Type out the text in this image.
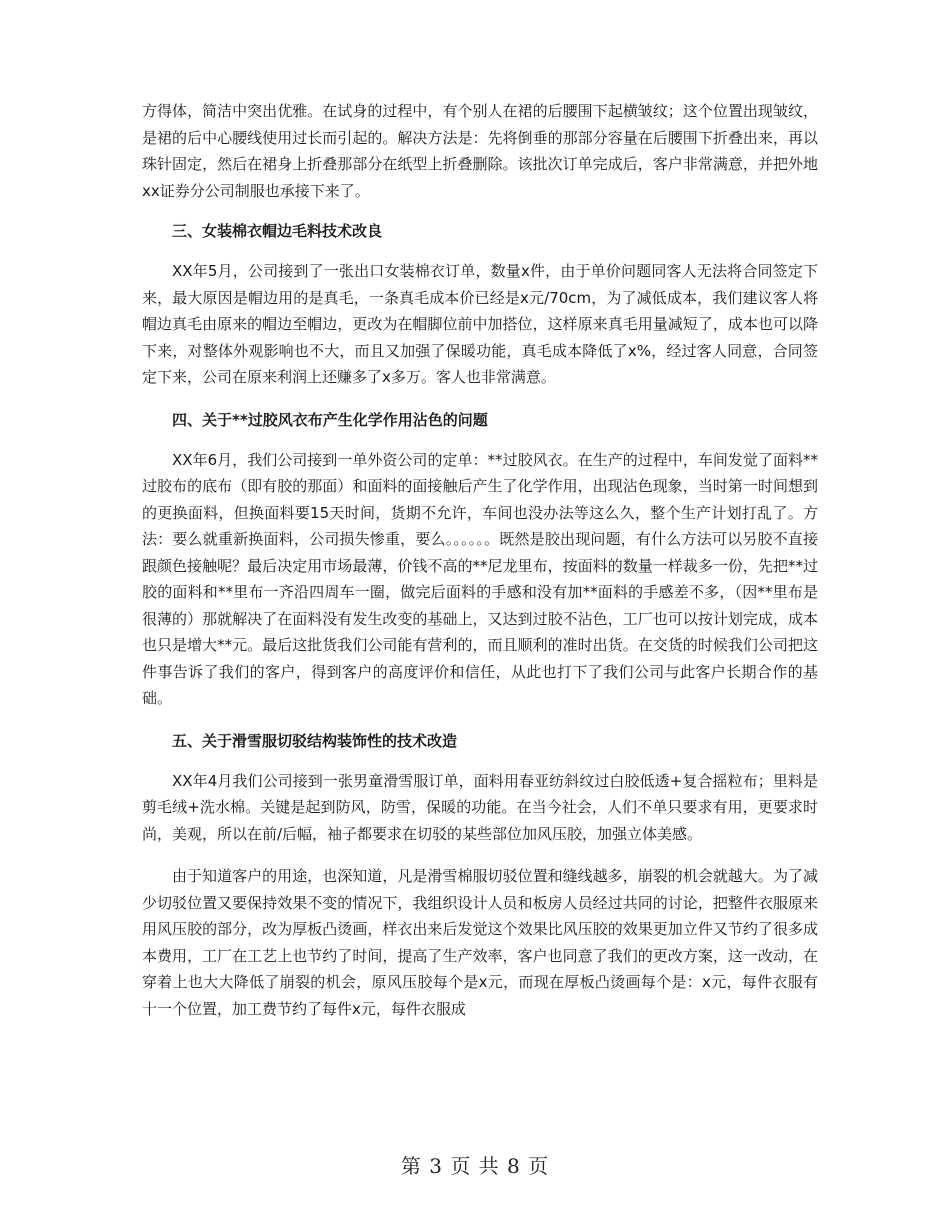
方得体，简洁中突出优雅。在试身的过程中，有个别人在裙的后腰围下起横皱纹；这个位置出现皱纹，是裙的后中心腰线使用过长而引起的。解决方法是：先将倒垂的那部分容量在后腰围下折叠出来，再以珠针固定，然后在裙身上折叠那部分在纸型上折叠删除。该批次订单完成后，客户非常满意，并把外地xx证券分公司制服也承接下来了。

三、女装棉衣帽边毛料技术改良

XX年5月，公司接到了一张出口女装棉衣订单，数量x件，由于单价问题同客人无法将合同签定下来，最大原因是帽边用的是真毛，一条真毛成本价已经是x元/70cm，为了减低成本，我们建议客人将帽边真毛由原来的帽边至帽边，更改为在帽脚位前中加搭位，这样原来真毛用量减短了，成本也可以降下来，对整体外观影响也不大，而且又加强了保暖功能，真毛成本降低了x%，经过客人同意，合同签定下来，公司在原来利润上还赚多了x多万。客人也非常满意。

四、关于**过胶风衣布产生化学作用沾色的问题

XX年6月，我们公司接到一单外资公司的定单：**过胶风衣。在生产的过程中，车间发觉了面料**过胶布的底布（即有胶的那面）和面料的面接触后产生了化学作用，出现沾色现象，当时第一时间想到的更换面料，但换面料要15天时间，货期不允许，车间也没办法等这么久，整个生产计划打乱了。方法：要么就重新换面料，公司损失惨重，要么。。。。。。既然是胶出现问题，有什么方法可以另胶不直接跟颜色接触呢？最后决定用市场最薄，价钱不高的**尼龙里布，按面料的数量一样裁多一份，先把**过胶的面料和**里布一齐沿四周车一圈，做完后面料的手感和没有加**面料的手感差不多，（因**里布是很薄的）那就解决了在面料没有发生改变的基础上，又达到过胶不沾色，工厂也可以按计划完成，成本也只是增大**元。最后这批货我们公司能有营利的，而且顺利的准时出货。在交货的时候我们公司把这件事告诉了我们的客户，得到客户的高度评价和信任，从此也打下了我们公司与此客户长期合作的基础。

五、关于滑雪服切驳结构装饰性的技术改造

XX年4月我们公司接到一张男童滑雪服订单，面料用春亚纺斜纹过白胶低透+复合摇粒布；里料是剪毛绒+洗水棉。关键是起到防风，防雪，保暖的功能。在当今社会，人们不单只要求有用，更要求时尚，美观，所以在前/后幅，袖子都要求在切驳的某些部位加风压胶，加强立体美感。

由于知道客户的用途，也深知道，凡是滑雪棉服切驳位置和缝线越多，崩裂的机会就越大。为了减少切驳位置又要保持效果不变的情况下，我组织设计人员和板房人员经过共同的讨论，把整件衣服原来用风压胶的部分，改为厚板凸烫画，样衣出来后发觉这个效果比风压胶的效果更加立件又节约了很多成本费用，工厂在工艺上也节约了时间，提高了生产效率，客户也同意了我们的更改方案，这一改动，在穿着上也大大降低了崩裂的机会，原风压胶每个是x元，而现在厚板凸烫画每个是：x元，每件衣服有十一个位置，加工费节约了每件x元，每件衣服成

第 3 页 共 8 页
